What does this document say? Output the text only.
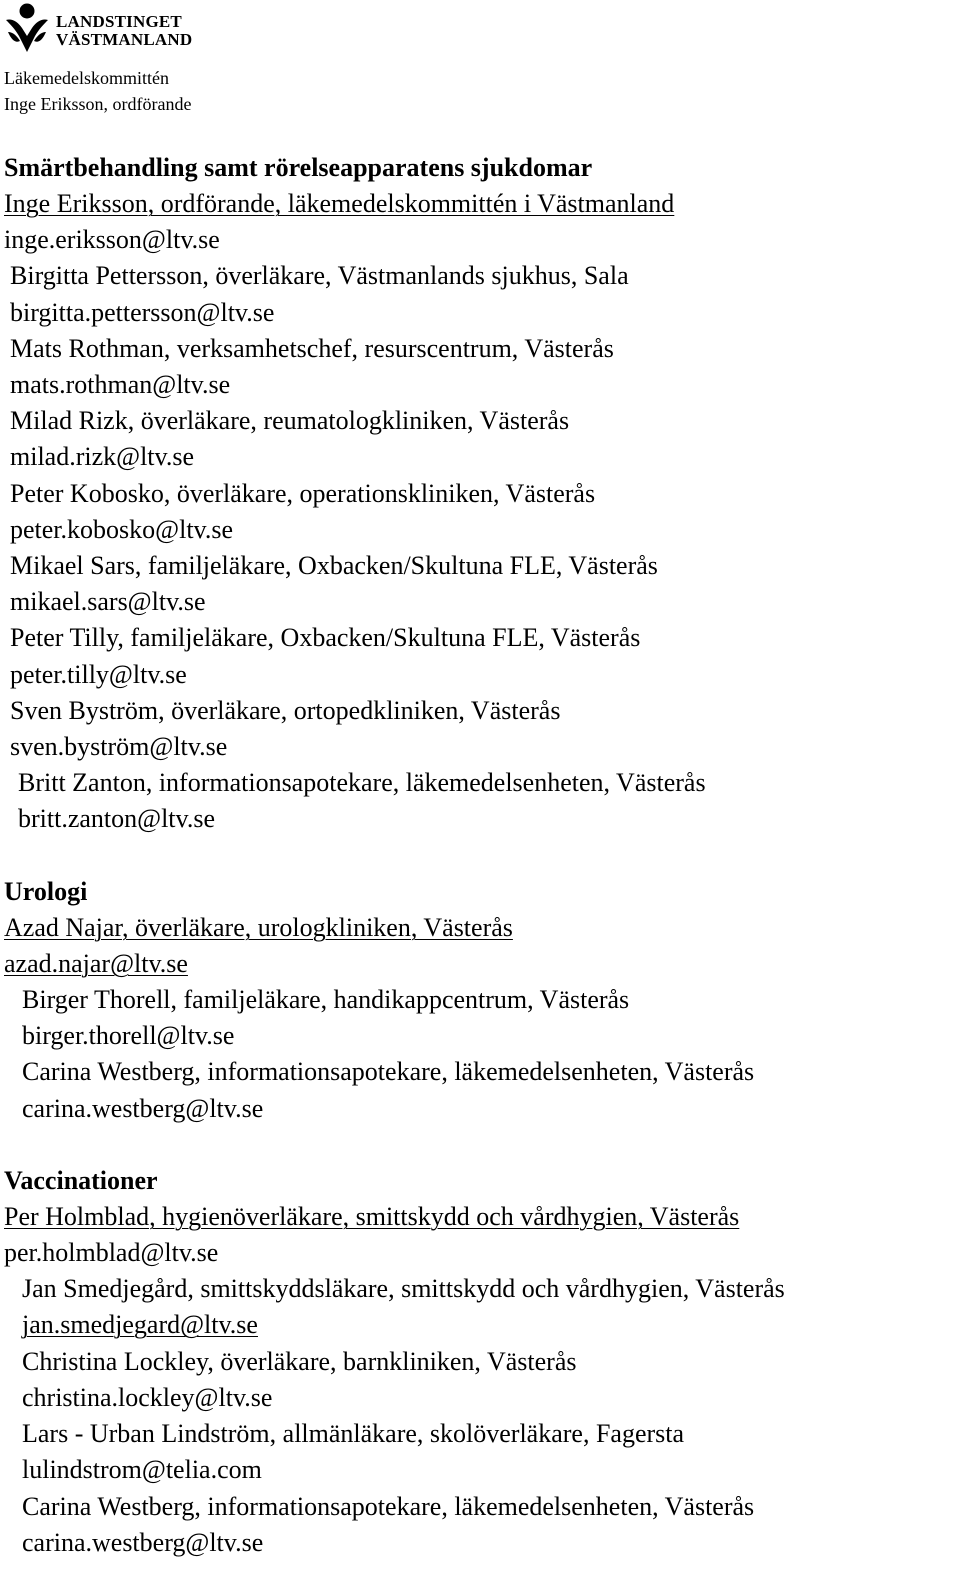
LANDSTINGET
VÄSTMANLAND
Läkemedelskommittén
Inge Eriksson, ordförande
Smärtbehandling samt rörelseapparatens sjukdomar
Inge Eriksson, ordförande, läkemedelskommittén i Västmanland
inge.eriksson@ltv.se
Birgitta Pettersson, överläkare, Västmanlands sjukhus, Sala
birgitta.pettersson@ltv.se
Mats Rothman, verksamhetschef, resurscentrum, Västerås
mats.rothman@ltv.se
Milad Rizk, överläkare, reumatologkliniken, Västerås
milad.rizk@ltv.se
Peter Kobosko, överläkare, operationskliniken, Västerås
peter.kobosko@ltv.se
Mikael Sars, familjeläkare, Oxbacken/Skultuna FLE, Västerås
mikael.sars@ltv.se
Peter Tilly, familjeläkare, Oxbacken/Skultuna FLE, Västerås
peter.tilly@ltv.se
Sven Byström, överläkare, ortopedkliniken, Västerås
sven.byström@ltv.se
Britt Zanton, informationsapotekare, läkemedelsenheten, Västerås
britt.zanton@ltv.se
Urologi
Azad Najar, överläkare, urologkliniken, Västerås
azad.najar@ltv.se
Birger Thorell, familjeläkare, handikappcentrum, Västerås
birger.thorell@ltv.se
Carina Westberg, informationsapotekare, läkemedelsenheten, Västerås
carina.westberg@ltv.se
Vaccinationer
Per Holmblad, hygienöverläkare, smittskydd och vårdhygien, Västerås
per.holmblad@ltv.se
Jan Smedjegård, smittskyddsläkare, smittskydd och vårdhygien, Västerås
jan.smedjegard@ltv.se
Christina Lockley, överläkare, barnkliniken, Västerås
christina.lockley@ltv.se
Lars - Urban Lindström, allmänläkare, skolöverläkare, Fagersta
lulindstrom@telia.com
Carina Westberg, informationsapotekare, läkemedelsenheten, Västerås
carina.westberg@ltv.se
